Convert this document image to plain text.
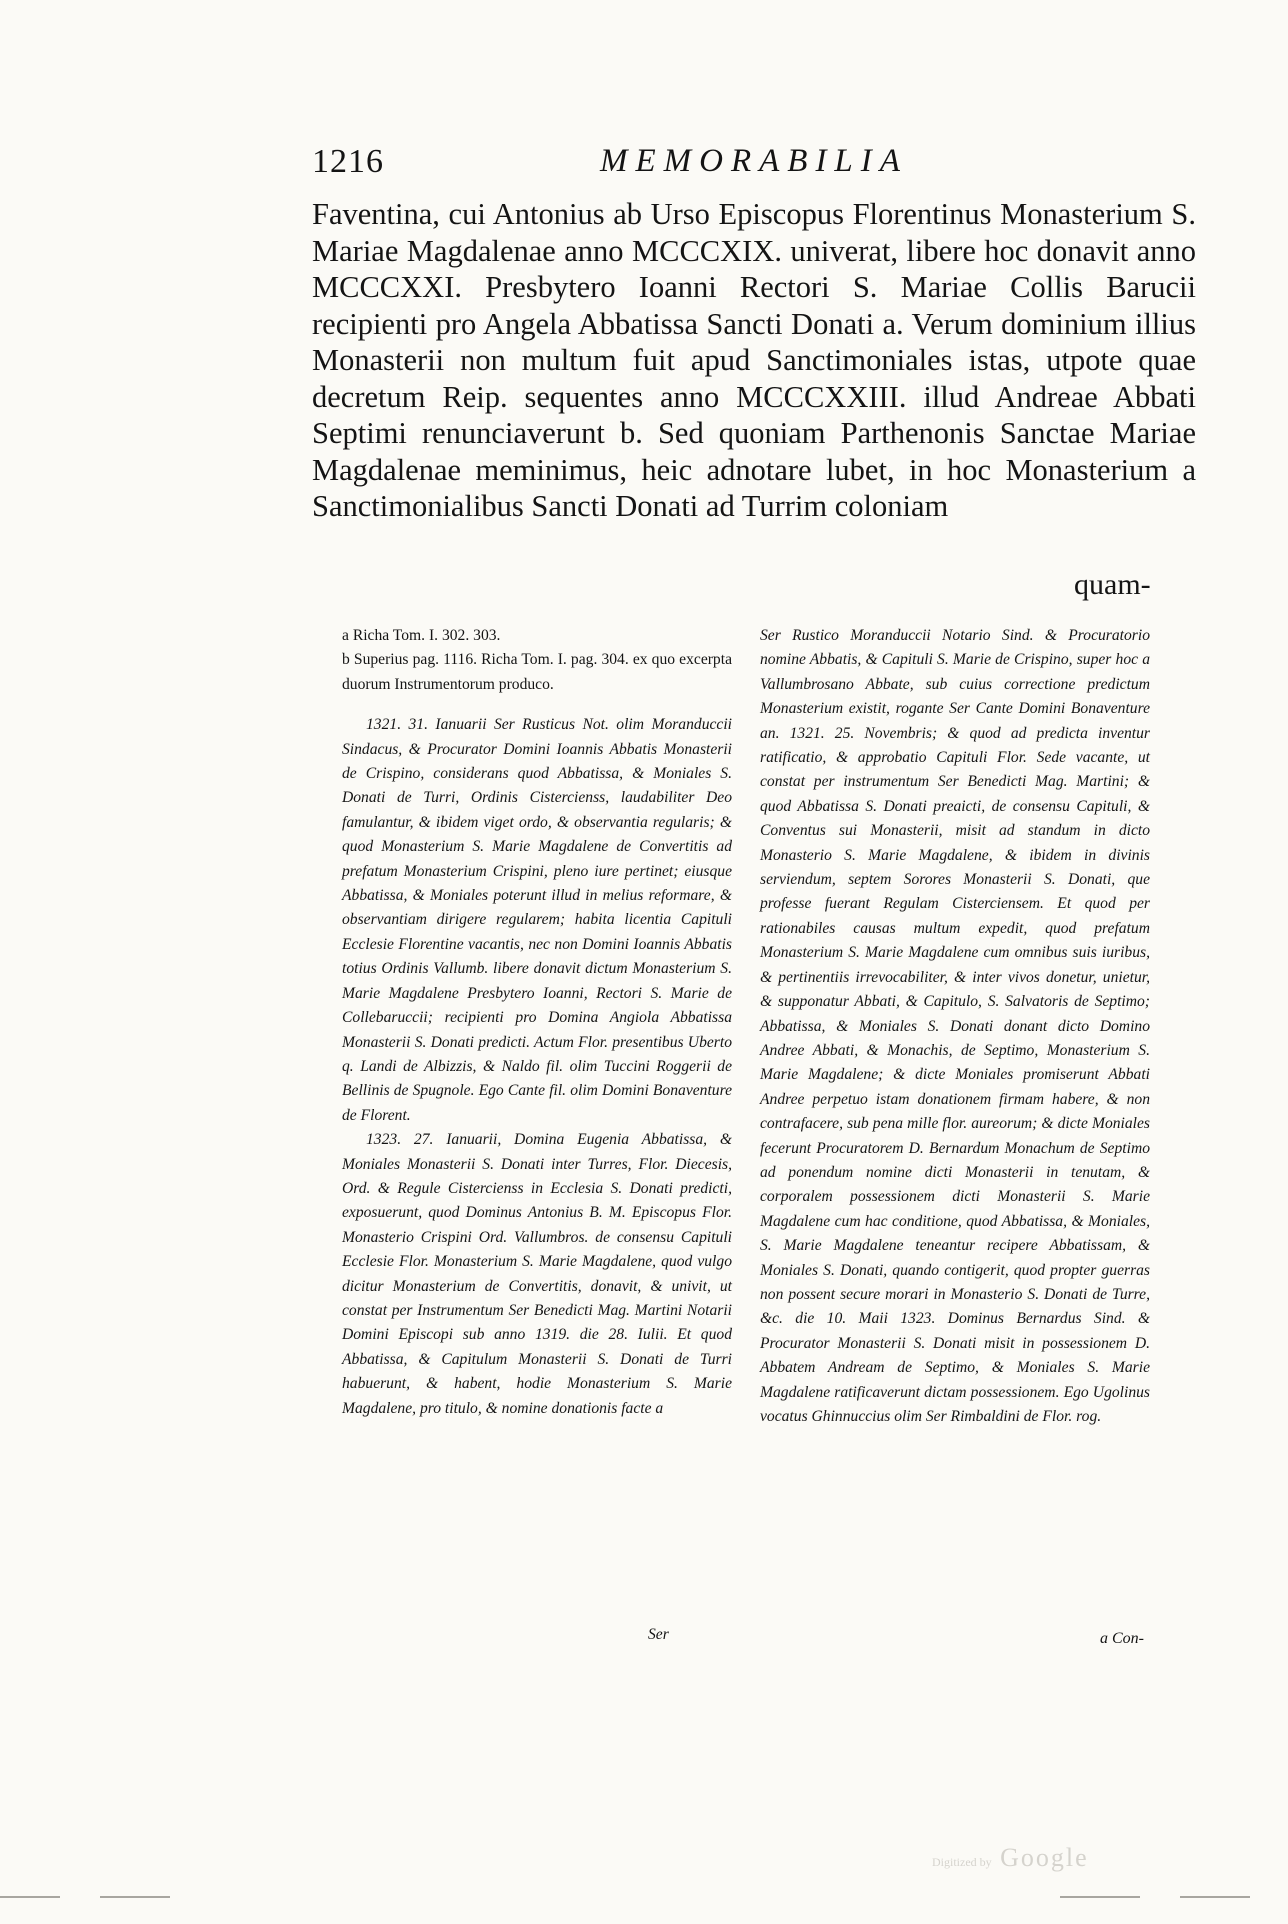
1216	MEMORABILIA

Faventina, cui Antonius ab Urso Episcopus Florentinus Monasterium S. Mariae Magdalenae anno MCCCXIX. univerat, libere hoc donavit anno MCCCXXI. Presbytero Ioanni Rectori S. Mariae Collis Barucii recipienti pro Angela Abbatissa Sancti Donati a. Verum dominium illius Monasterii non multum fuit apud Sanctimoniales istas, utpote quae decretum Reip. sequentes anno MCCCXXIII. illud Andreae Abbati Septimi renunciaverunt b. Sed quoniam Parthenonis Sanctae Mariae Magdalenae meminimus, heic adnotare lubet, in hoc Monasterium a Sanctimonialibus Sancti Donati ad Turrim coloniam

quam-

a Richa Tom. I. 302. 303.

b Superius pag. 1116. Richa Tom. I. pag. 304. ex quo excerpta duorum Instrumentorum produco.

1321. 31. Ianuarii Ser Rusticus Not. olim Moranduccii Sindacus, & Procurator Domini Ioannis Abbatis Monasterii de Crispino, considerans quod Abbatissa, & Moniales S. Donati de Turri, Ordinis Cistercienss, laudabiliter Deo famulantur, & ibidem viget ordo, & observantia regularis; & quod Monasterium S. Marie Magdalene de Convertitis ad prefatum Monasterium Crispini, pleno iure pertinet; eiusque Abbatissa, & Moniales poterunt illud in melius reformare, & observantiam dirigere regularem; habita licentia Capituli Ecclesie Florentine vacantis, nec non Domini Ioannis Abbatis totius Ordinis Vallumb. libere donavit dictum Monasterium S. Marie Magdalene Presbytero Ioanni, Rectori S. Marie de Collebaruccii; recipienti pro Domina Angiola Abbatissa Monasterii S. Donati predicti. Actum Flor. presentibus Uberto q. Landi de Albizzis, & Naldo fil. olim Tuccini Roggerii de Bellinis de Spugnole. Ego Cante fil. olim Domini Bonaventure de Florent.

1323. 27. Ianuarii, Domina Eugenia Abbatissa, & Moniales Monasterii S. Donati inter Turres, Flor. Diecesis, Ord. & Regule Cistercienss in Ecclesia S. Donati predicti, exposuerunt, quod Dominus Antonius B. M. Episcopus Flor. Monasterio Crispini Ord. Vallumbros. de consensu Capituli Ecclesie Flor. Monasterium S. Marie Magdalene, quod vulgo dicitur Monasterium de Convertitis, donavit, & univit, ut constat per Instrumentum Ser Benedicti Mag. Martini Notarii Domini Episcopi sub anno 1319. die 28. Iulii. Et quod Abbatissa, & Capitulum Monasterii S. Donati de Turri habuerunt, & habent, hodie Monasterium S. Marie Magdalene, pro titulo, & nomine donationis facte a

Ser

Ser Rustico Moranduccii Notario Sind. & Procuratorio nomine Abbatis, & Capituli S. Marie de Crispino, super hoc a Vallumbrosano Abbate, sub cuius correctione predictum Monasterium existit, rogante Ser Cante Domini Bonaventure an. 1321. 25. Novembris; & quod ad predicta inventur ratificatio, & approbatio Capituli Flor. Sede vacante, ut constat per instrumentum Ser Benedicti Mag. Martini; & quod Abbatissa S. Donati preaicti, de consensu Capituli, & Conventus sui Monasterii, misit ad standum in dicto Monasterio S. Marie Magdalene, & ibidem in divinis serviendum, septem Sorores Monasterii S. Donati, que professe fuerant Regulam Cisterciensem. Et quod per rationabiles causas multum expedit, quod prefatum Monasterium S. Marie Magdalene cum omnibus suis iuribus, & pertinentiis irrevocabiliter, & inter vivos donetur, unietur, & supponatur Abbati, & Capitulo, S. Salvatoris de Septimo; Abbatissa, & Moniales S. Donati donant dicto Domino Andree Abbati, & Monachis, de Septimo, Monasterium S. Marie Magdalene; & dicte Moniales promiserunt Abbati Andree perpetuo istam donationem firmam habere, & non contrafacere, sub pena mille flor. aureorum; & dicte Moniales fecerunt Procuratorem D. Bernardum Monachum de Septimo ad ponendum nomine dicti Monasterii in tenutam, & corporalem possessionem dicti Monasterii S. Marie Magdalene cum hac conditione, quod Abbatissa, & Moniales, S. Marie Magdalene teneantur recipere Abbatissam, & Moniales S. Donati, quando contigerit, quod propter guerras non possent secure morari in Monasterio S. Donati de Turre, &c. die 10. Maii 1323. Dominus Bernardus Sind. & Procurator Monasterii S. Donati misit in possessionem D. Abbatem Andream de Septimo, & Moniales S. Marie Magdalene ratificaverunt dictam possessionem. Ego Ugolinus vocatus Ghinnuccius olim Ser Rimbaldini de Flor. rog.

a Con-
Digitized by Google
